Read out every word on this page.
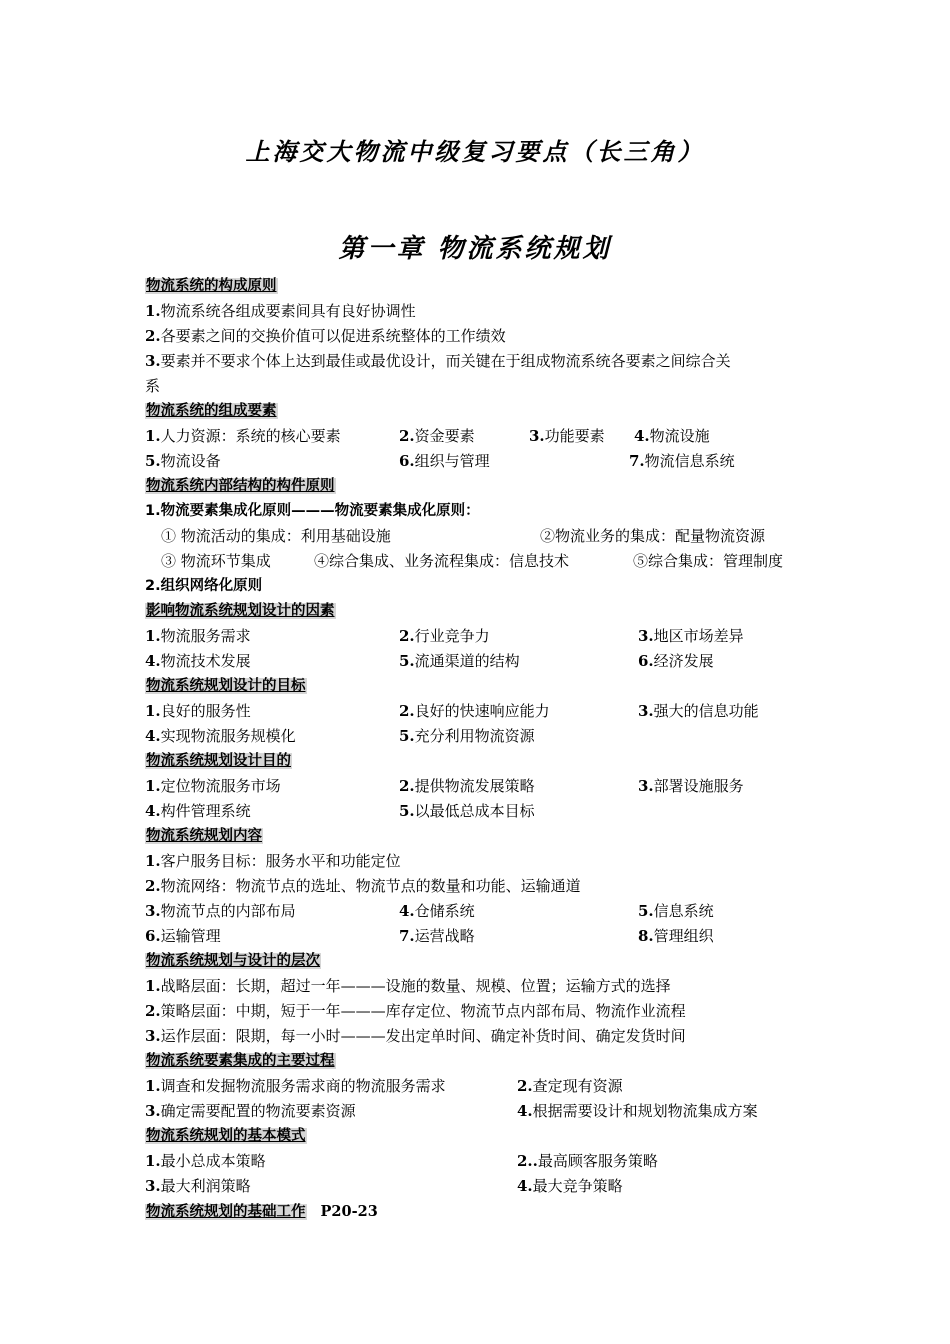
上海交大物流中级复习要点（长三角）
第一章 物流系统规划
物流系统的构成原则
1.物流系统各组成要素间具有良好协调性
2.各要素之间的交换价值可以促进系统整体的工作绩效
3.要素并不要求个体上达到最佳或最优设计，而关键在于组成物流系统各要素之间综合关
系
物流系统的组成要素
1.人力资源：系统的核心要素	2.资金要素	3.功能要素 4.物流设施
5.物流设备	6.组织与管理	7.物流信息系统
物流系统内部结构的构件原则
1.物流要素集成化原则———物流要素集成化原则：
① 物流活动的集成：利用基础设施	②物流业务的集成：配量物流资源
③ 物流环节集成	④综合集成、业务流程集成：信息技术	⑤综合集成：管理制度
2.组织网络化原则
影响物流系统规划设计的因素
1.物流服务需求	2.行业竞争力	3.地区市场差异
4.物流技术发展	5.流通渠道的结构	6.经济发展
物流系统规划设计的目标
1.良好的服务性	2.良好的快速响应能力	3.强大的信息功能
4.实现物流服务规模化	5.充分利用物流资源
物流系统规划设计目的
1.定位物流服务市场	2.提供物流发展策略	3.部署设施服务
4.构件管理系统	5.以最低总成本目标
物流系统规划内容
1.客户服务目标：服务水平和功能定位
2.物流网络：物流节点的选址、物流节点的数量和功能、运输通道
3.物流节点的内部布局	4.仓储系统	5.信息系统
6.运输管理	7.运营战略	8.管理组织
物流系统规划与设计的层次
1.战略层面：长期，超过一年———设施的数量、规模、位置；运输方式的选择
2.策略层面：中期，短于一年———库存定位、物流节点内部布局、物流作业流程
3.运作层面：限期，每一小时———发出定单时间、确定补货时间、确定发货时间
物流系统要素集成的主要过程
1.调查和发掘物流服务需求商的物流服务需求	2.查定现有资源
3.确定需要配置的物流要素资源	4.根据需要设计和规划物流集成方案
物流系统规划的基本模式
1.最小总成本策略	2..最高顾客服务策略
3.最大利润策略	4.最大竞争策略
物流系统规划的基础工作 P20-23
